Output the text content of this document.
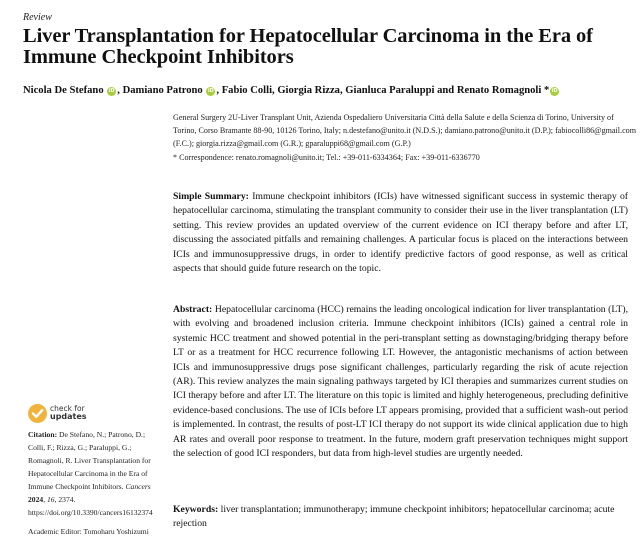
Review
Liver Transplantation for Hepatocellular Carcinoma in the Era of Immune Checkpoint Inhibitors
Nicola De Stefano iD , Damiano Patrono iD , Fabio Colli, Giorgia Rizza, Gianluca Paraluppi and Renato Romagnoli * iD
General Surgery 2U-Liver Transplant Unit, Azienda Ospedaliero Universitaria Città della Salute e della Scienza di Torino, University of Torino, Corso Bramante 88-90, 10126 Torino, Italy; n.destefano@unito.it (N.D.S.); damiano.patrono@unito.it (D.P.); fabiocolli86@gmail.com (F.C.); giorgia.rizza@gmail.com (G.R.); gparaluppi68@gmail.com (G.P.)
* Correspondence: renato.romagnoli@unito.it; Tel.: +39-011-6334364; Fax: +39-011-6336770

Simple Summary: Immune checkpoint inhibitors (ICIs) have witnessed significant success in systemic therapy of hepatocellular carcinoma, stimulating the transplant community to consider their use in the liver transplantation (LT) setting. This review provides an updated overview of the current evidence on ICI therapy before and after LT, discussing the associated pitfalls and remaining challenges. A particular focus is placed on the interactions between ICIs and immunosuppressive drugs, in order to identify predictive factors of good response, as well as critical aspects that should guide future research on the topic.

Abstract: Hepatocellular carcinoma (HCC) remains the leading oncological indication for liver transplantation (LT), with evolving and broadened inclusion criteria. Immune checkpoint inhibitors (ICIs) gained a central role in systemic HCC treatment and showed potential in the peri-transplant setting as downstaging/bridging therapy before LT or as a treatment for HCC recurrence following LT. However, the antagonistic mechanisms of action between ICIs and immunosuppressive drugs pose significant challenges, particularly regarding the risk of acute rejection (AR). This review analyzes the main signaling pathways targeted by ICI therapies and summarizes current studies on ICI therapy before and after LT. The literature on this topic is limited and highly heterogeneous, precluding definitive evidence-based conclusions. The use of ICIs before LT appears promising, provided that a sufficient wash-out period is implemented. In contrast, the results of post-LT ICI therapy do not support its wide clinical application due to high AR rates and overall poor response to treatment. In the future, modern graft preservation techniques might support the selection of good ICI responders, but data from high-level studies are urgently needed.

Keywords: liver transplantation; immunotherapy; immune checkpoint inhibitors; hepatocellular carcinoma; acute rejection

check for
updates

Citation: De Stefano, N.; Patrono, D.; Colli, F.; Rizza, G.; Paraluppi, G.; Romagnoli, R. Liver Transplantation for Hepatocellular Carcinoma in the Era of Immune Checkpoint Inhibitors. Cancers 2024, 16, 2374. https://doi.org/10.3390/cancers16132374

Academic Editor: Tomoharu Yoshizumi
